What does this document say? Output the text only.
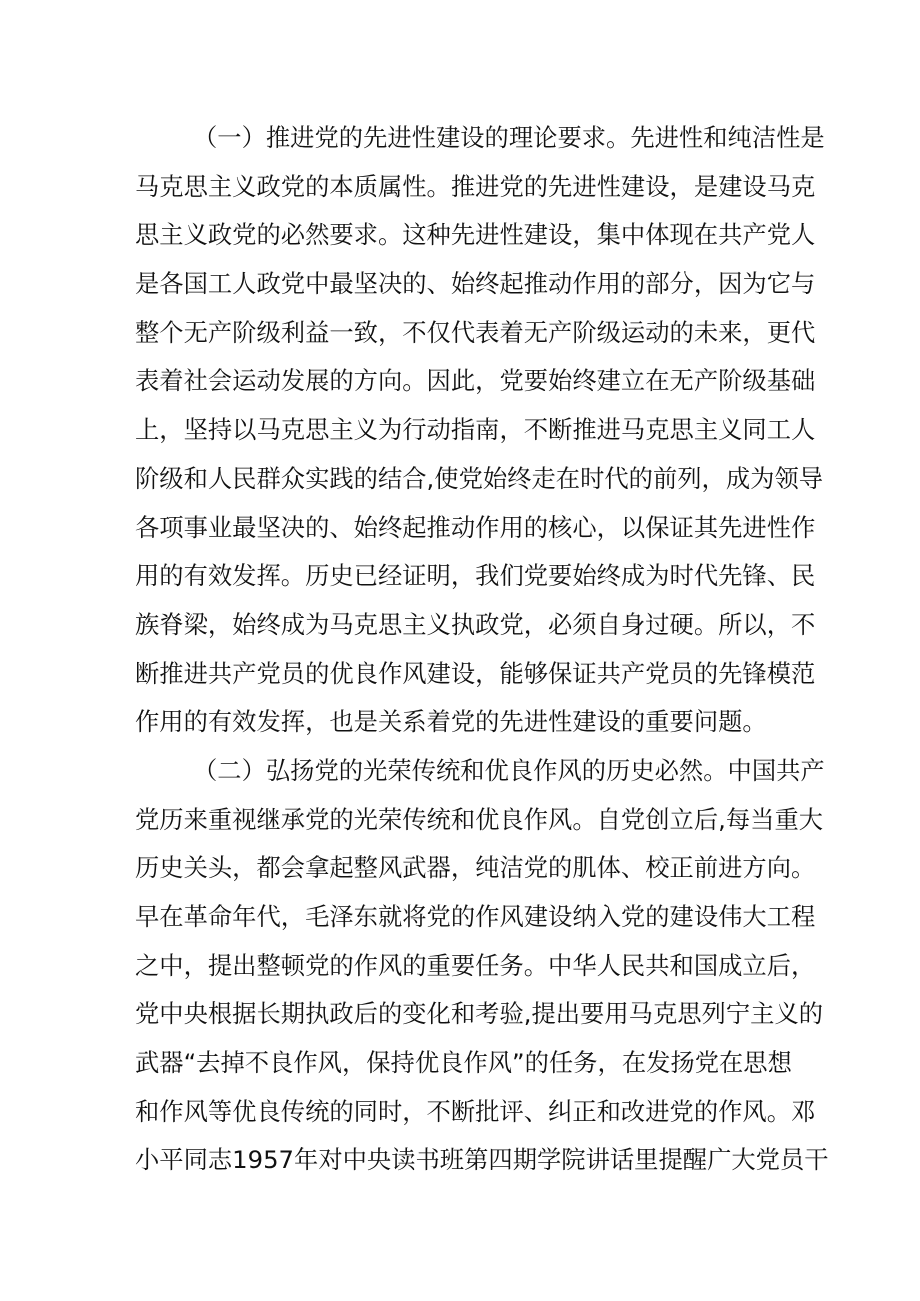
（一）推进党的先进性建设的理论要求。先进性和纯洁性是
马克思主义政党的本质属性。推进党的先进性建设，是建设马克
思主义政党的必然要求。这种先进性建设，集中体现在共产党人
是各国工人政党中最坚决的、始终起推动作用的部分，因为它与
整个无产阶级利益一致，不仅代表着无产阶级运动的未来，更代
表着社会运动发展的方向。因此，党要始终建立在无产阶级基础
上，坚持以马克思主义为行动指南，不断推进马克思主义同工人
阶级和人民群众实践的结合,使党始终走在时代的前列，成为领导
各项事业最坚决的、始终起推动作用的核心，以保证其先进性作
用的有效发挥。历史已经证明，我们党要始终成为时代先锋、民
族脊梁，始终成为马克思主义执政党，必须自身过硬。所以，不
断推进共产党员的优良作风建设，能够保证共产党员的先锋模范
作用的有效发挥，也是关系着党的先进性建设的重要问题。
（二）弘扬党的光荣传统和优良作风的历史必然。中国共产
党历来重视继承党的光荣传统和优良作风。自党创立后,每当重大
历史关头，都会拿起整风武器，纯洁党的肌体、校正前进方向。
早在革命年代，毛泽东就将党的作风建设纳入党的建设伟大工程
之中，提出整顿党的作风的重要任务。中华人民共和国成立后，
党中央根据长期执政后的变化和考验,提出要用马克思列宁主义的
武器“去掉不良作风，保持优良作风”的任务，在发扬党在思想
和作风等优良传统的同时，不断批评、纠正和改进党的作风。邓
小平同志1957年对中央读书班第四期学院讲话里提醒广大党员干
